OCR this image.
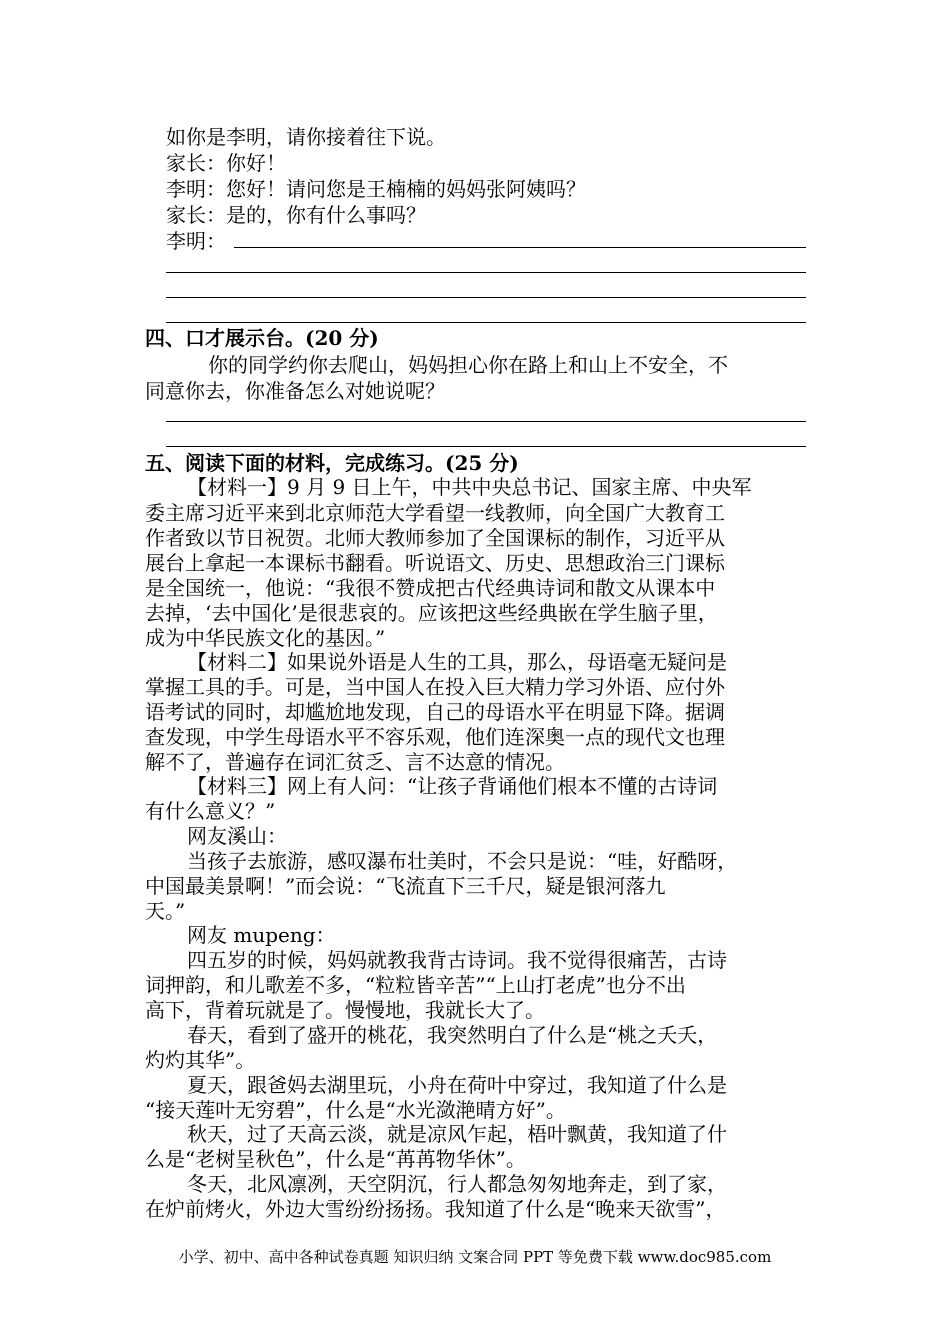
如你是李明，请你接着往下说。
家长：你好！
李明：您好！请问您是王楠楠的妈妈张阿姨吗？
家长：是的，你有什么事吗？
李明：
四、口才展示台。(20 分)
你的同学约你去爬山，妈妈担心你在路上和山上不安全，不
同意你去，你准备怎么对她说呢？
五、阅读下面的材料，完成练习。(25 分)
【材料一】9 月 9 日上午，中共中央总书记、国家主席、中央军
委主席习近平来到北京师范大学看望一线教师，向全国广大教育工
作者致以节日祝贺。北师大教师参加了全国课标的制作，习近平从
展台上拿起一本课标书翻看。听说语文、历史、思想政治三门课标
是全国统一，他说：“我很不赞成把古代经典诗词和散文从课本中
去掉，‘去中国化’是很悲哀的。应该把这些经典嵌在学生脑子里，
成为中华民族文化的基因。”
【材料二】如果说外语是人生的工具，那么，母语毫无疑问是
掌握工具的手。可是，当中国人在投入巨大精力学习外语、应付外
语考试的同时，却尴尬地发现，自己的母语水平在明显下降。据调
查发现，中学生母语水平不容乐观，他们连深奥一点的现代文也理
解不了，普遍存在词汇贫乏、言不达意的情况。
【材料三】网上有人问：“让孩子背诵他们根本不懂的古诗词
有什么意义？”
网友溪山：
当孩子去旅游，感叹瀑布壮美时，不会只是说：“哇，好酷呀，
中国最美景啊！”而会说：“飞流直下三千尺，疑是银河落九
天。”
网友 mupeng：
四五岁的时候，妈妈就教我背古诗词。我不觉得很痛苦，古诗
词押韵，和儿歌差不多，“粒粒皆辛苦”“上山打老虎”也分不出
高下，背着玩就是了。慢慢地，我就长大了。
春天，看到了盛开的桃花，我突然明白了什么是“桃之夭夭，
灼灼其华”。
夏天，跟爸妈去湖里玩，小舟在荷叶中穿过，我知道了什么是
“接天莲叶无穷碧”，什么是“水光潋滟晴方好”。
秋天，过了天高云淡，就是凉风乍起，梧叶飘黄，我知道了什
么是“老树呈秋色”，什么是“苒苒物华休”。
冬天，北风凛冽，天空阴沉，行人都急匆匆地奔走，到了家，
在炉前烤火，外边大雪纷纷扬扬。我知道了什么是“晚来天欲雪”，
小学、初中、高中各种试卷真题 知识归纳 文案合同 PPT 等免费下载 www.doc985.com
